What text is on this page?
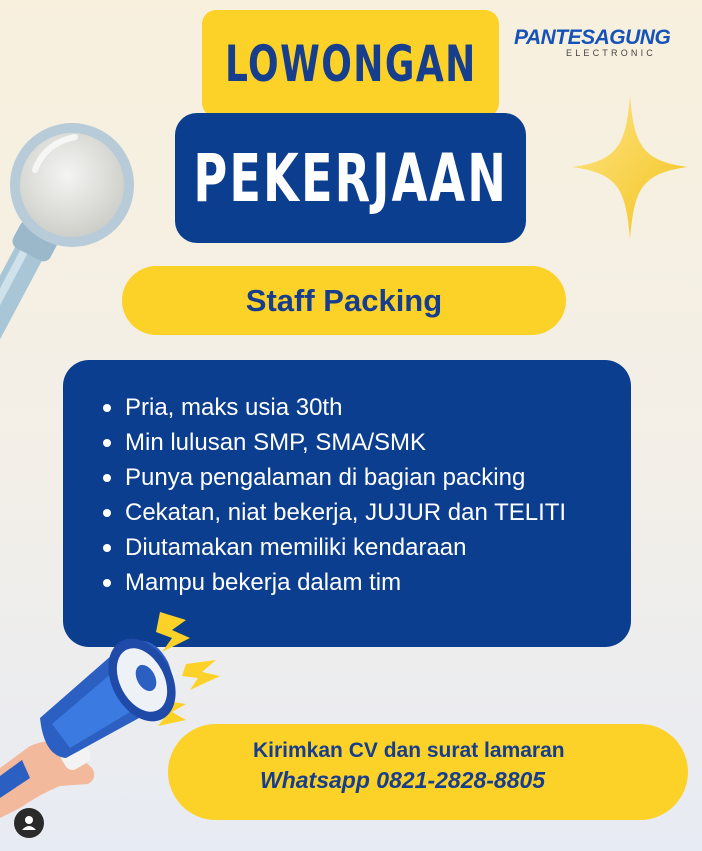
LOWONGAN
PEKERJAAN
PANTESAGUNG
ELECTRONIC
Staff Packing
Pria, maks usia 30th
Min lulusan SMP, SMA/SMK
Punya pengalaman di bagian packing
Cekatan, niat bekerja, JUJUR dan TELITI
Diutamakan memiliki kendaraan
Mampu bekerja dalam tim
Kirimkan CV dan surat lamaran
Whatsapp 0821-2828-8805
